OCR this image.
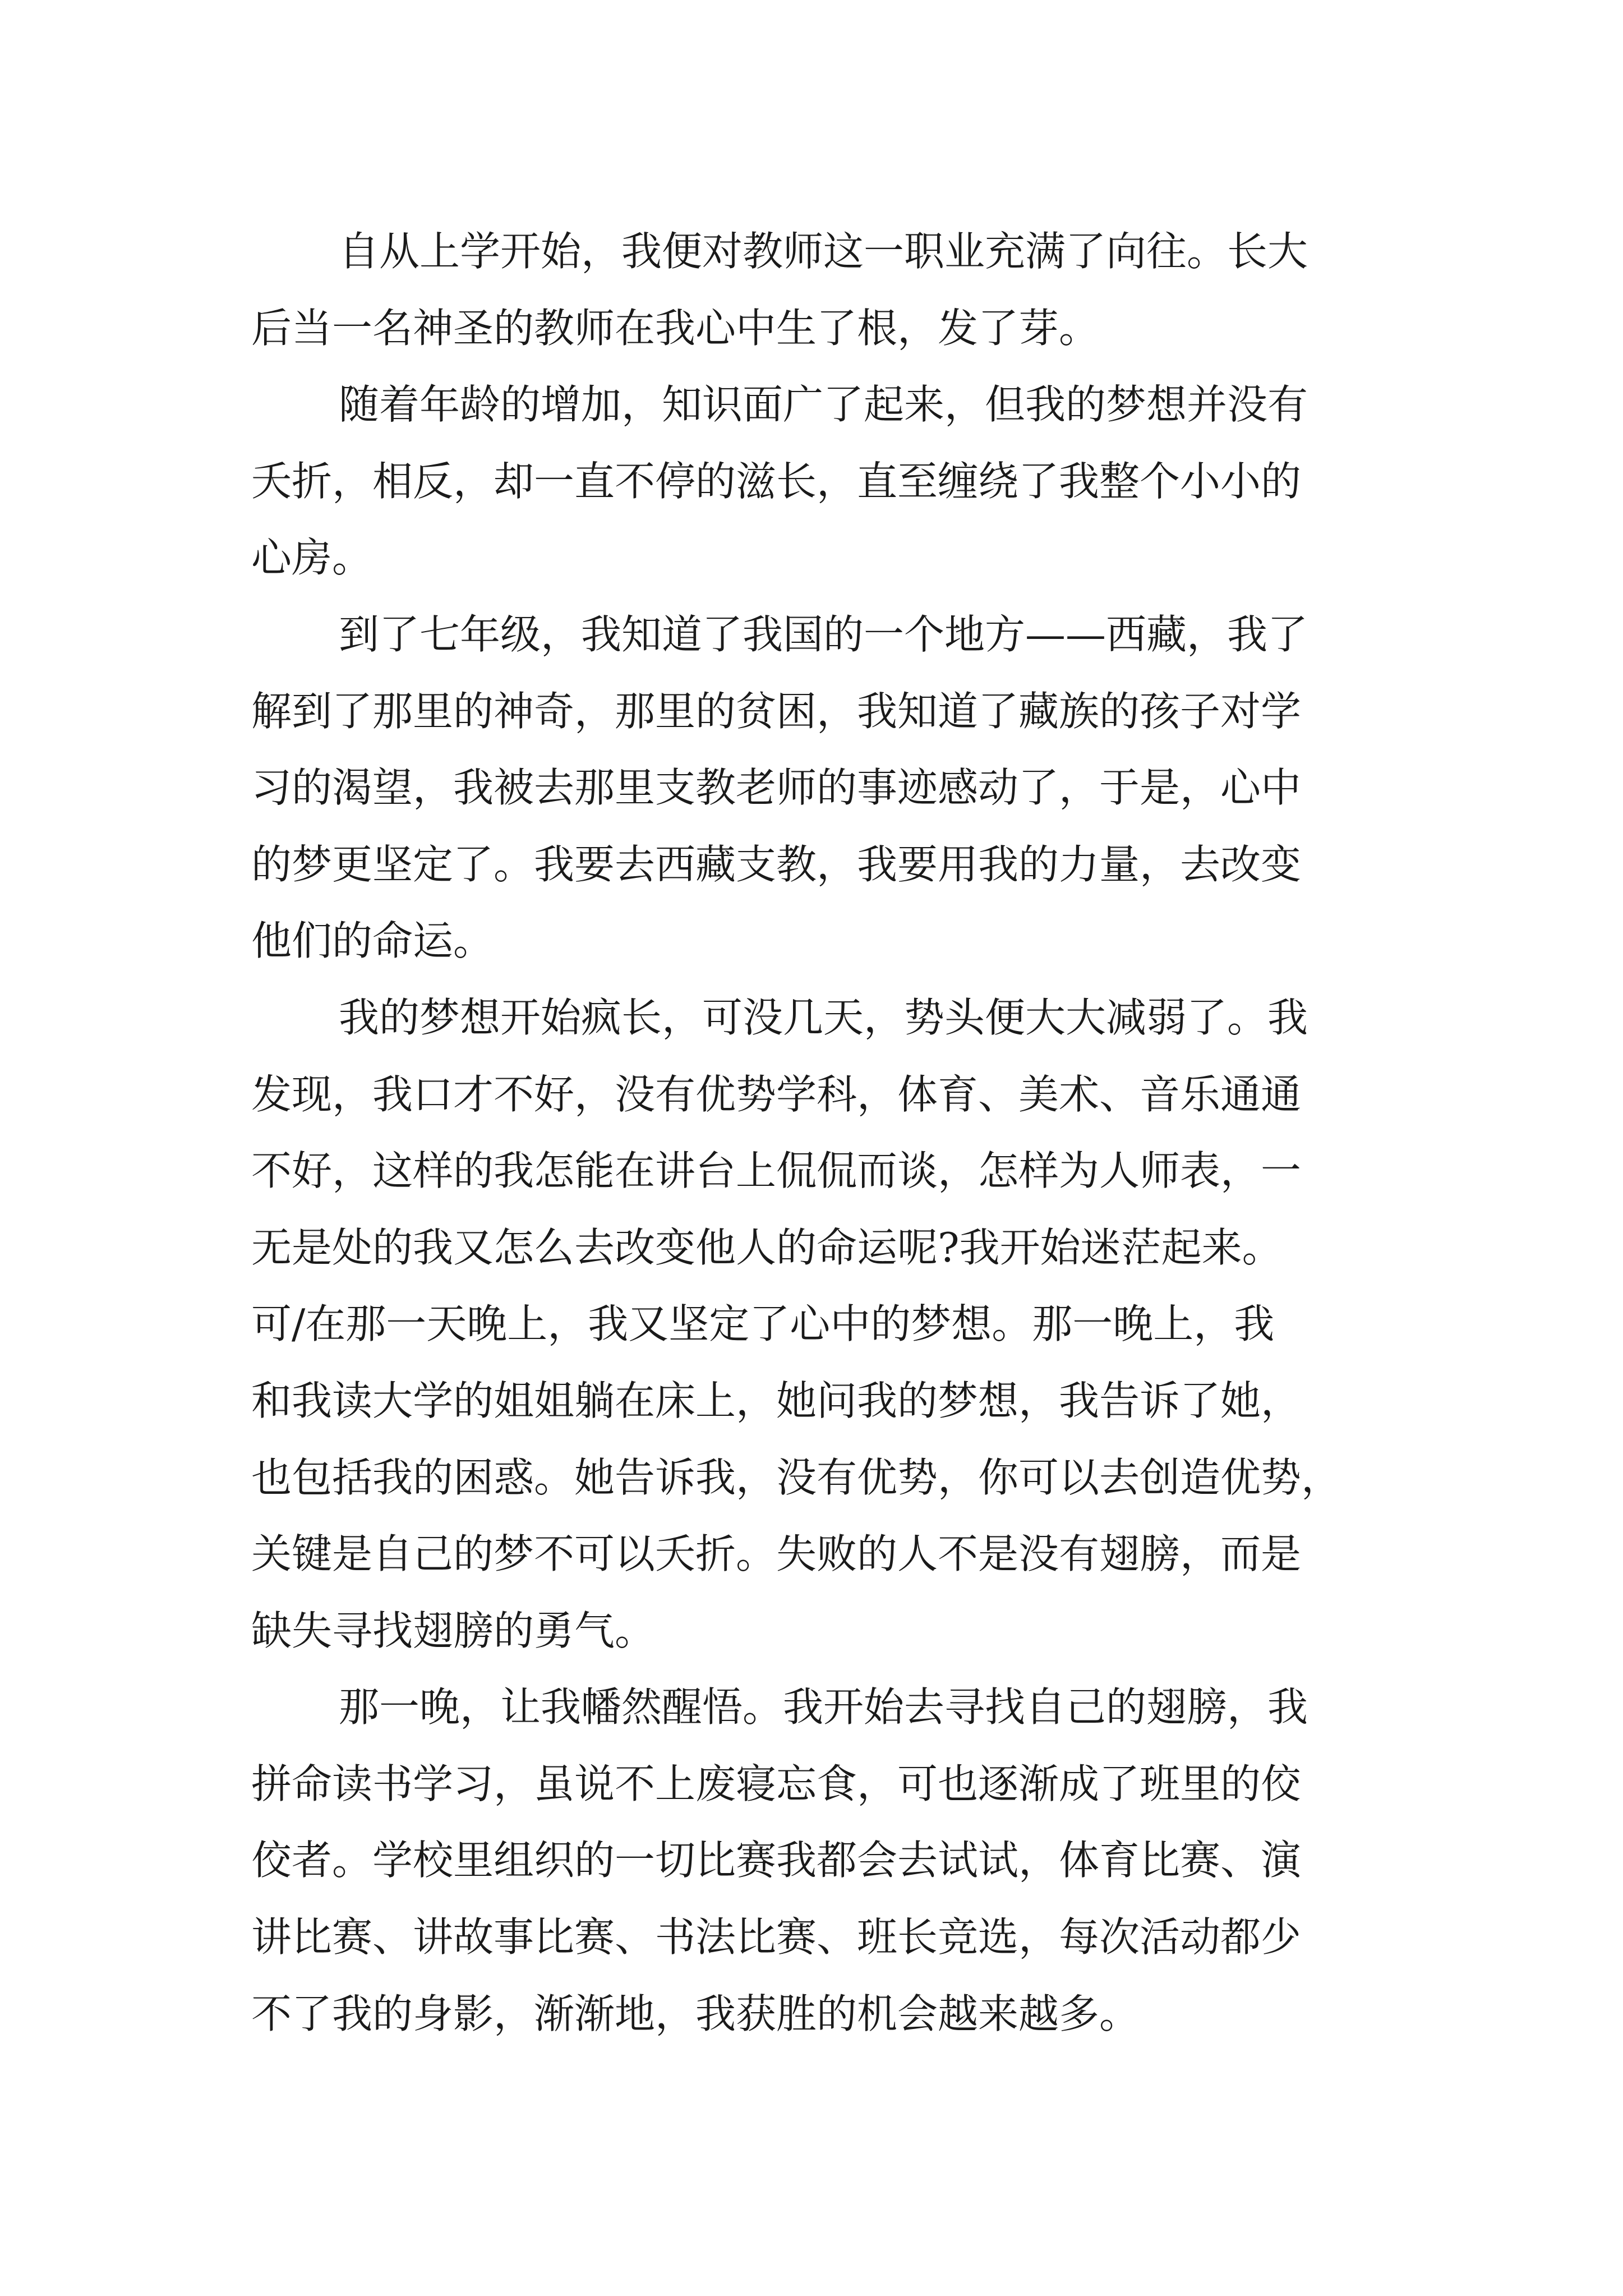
自从上学开始，我便对教师这一职业充满了向往。长大
后当一名神圣的教师在我心中生了根，发了芽。
随着年龄的增加，知识面广了起来，但我的梦想并没有
夭折，相反，却一直不停的滋长，直至缠绕了我整个小小的
心房。
到了七年级，我知道了我国的一个地方——西藏，我了
解到了那里的神奇，那里的贫困，我知道了藏族的孩子对学
习的渴望，我被去那里支教老师的事迹感动了，于是，心中
的梦更坚定了。我要去西藏支教，我要用我的力量，去改变
他们的命运。
我的梦想开始疯长，可没几天，势头便大大减弱了。我
发现，我口才不好，没有优势学科，体育、美术、音乐通通
不好，这样的我怎能在讲台上侃侃而谈，怎样为人师表，一
无是处的我又怎么去改变他人的命运呢?我开始迷茫起来。
可/在那一天晚上，我又坚定了心中的梦想。那一晚上，我
和我读大学的姐姐躺在床上，她问我的梦想，我告诉了她，
也包括我的困惑。她告诉我，没有优势，你可以去创造优势，
关键是自己的梦不可以夭折。失败的人不是没有翅膀，而是
缺失寻找翅膀的勇气。
那一晚，让我幡然醒悟。我开始去寻找自己的翅膀，我
拼命读书学习，虽说不上废寝忘食，可也逐渐成了班里的佼
佼者。学校里组织的一切比赛我都会去试试，体育比赛、演
讲比赛、讲故事比赛、书法比赛、班长竞选，每次活动都少
不了我的身影，渐渐地，我获胜的机会越来越多。
